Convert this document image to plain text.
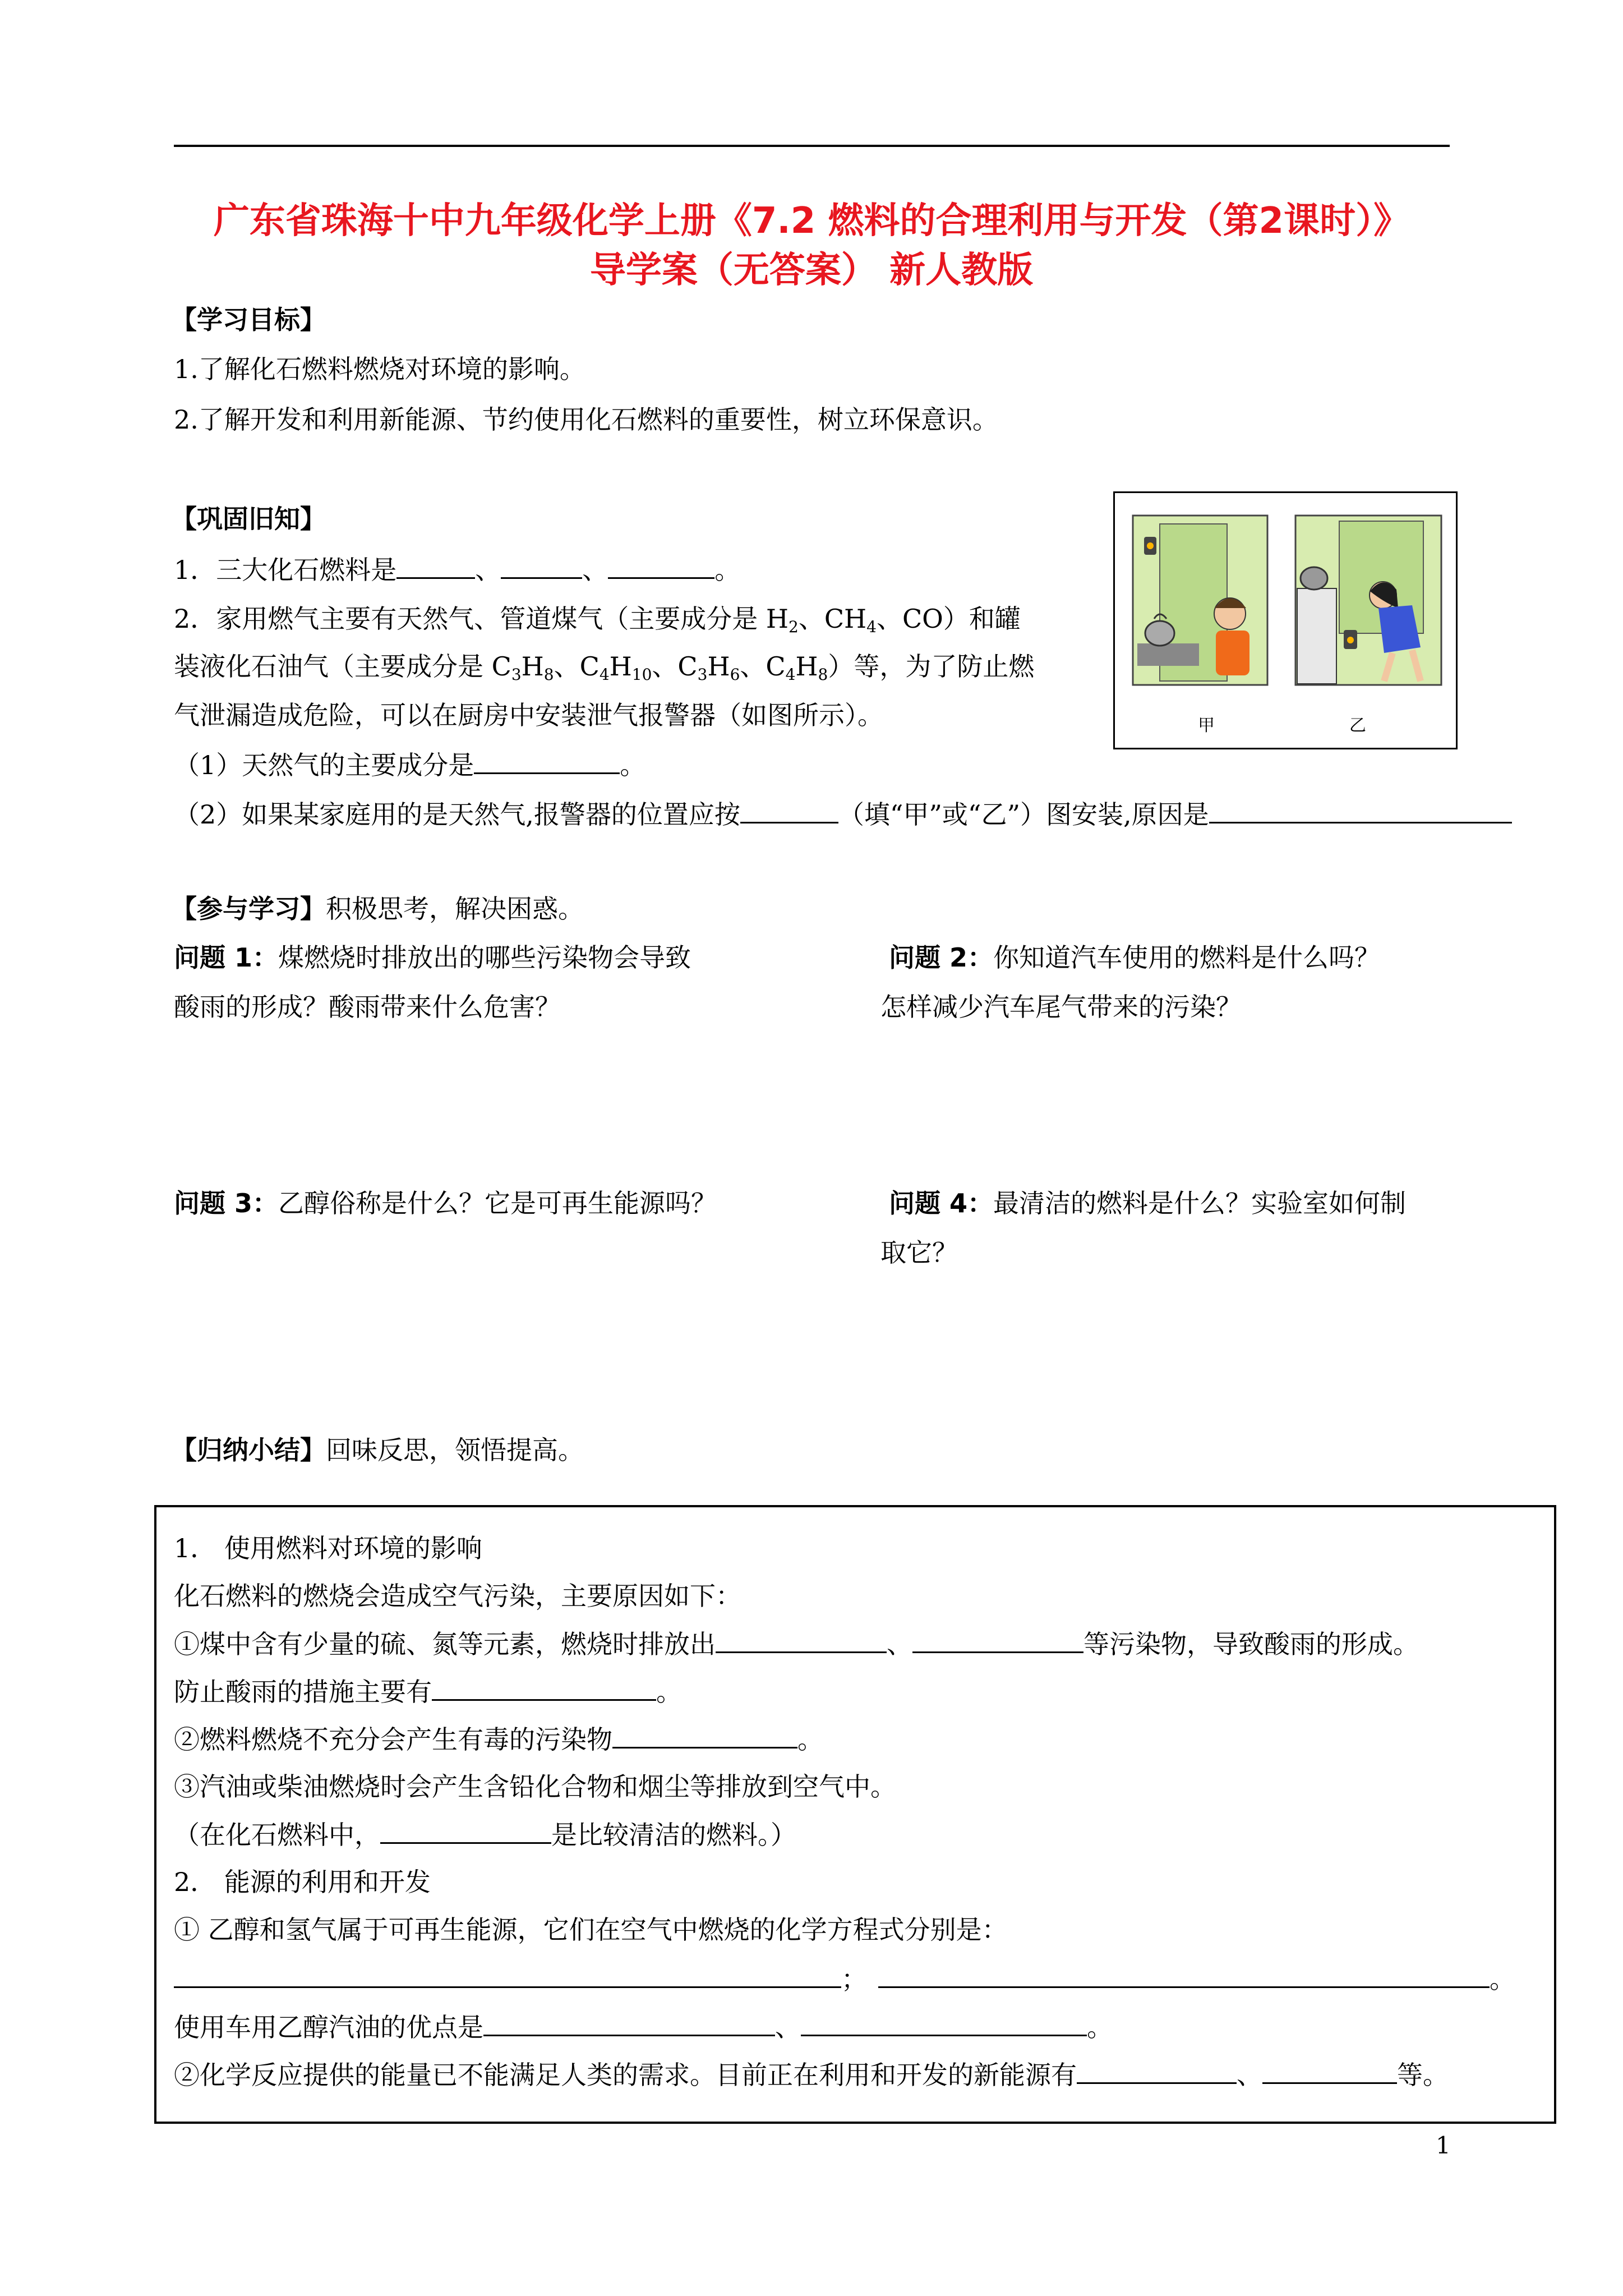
广东省珠海十中九年级化学上册《7.2 燃料的合理利用与开发（第2课时）》
导学案（无答案） 新人教版
【学习目标】
1.了解化石燃料燃烧对环境的影响。
2.了解开发和利用新能源、节约使用化石燃料的重要性，树立环保意识。
【巩固旧知】
1．三大化石燃料是	、	、	。
2．家用燃气主要有天然气、管道煤气（主要成分是 $H_2$、$CH_4$、CO）和罐
装液化石油气（主要成分是 $C_3H_8$、$C_4H_{10}$、$C_3H_6$、$C_4H_8$）等，为了防止燃
气泄漏造成危险，可以在厨房中安装泄气报警器（如图所示）。
（1）天然气的主要成分是	。
（2）如果某家庭用的是天然气,报警器的位置应按	（填“甲”或“乙”）图安装,原因是
甲	乙
【参与学习】积极思考，解决困惑。
问题 1：煤燃烧时排放出的哪些污染物会导致
酸雨的形成？酸雨带来什么危害？
问题 2：你知道汽车使用的燃料是什么吗？
怎样减少汽车尾气带来的污染？
问题 3：乙醇俗称是什么？它是可再生能源吗？	问题 4：最清洁的燃料是什么？实验室如何制
取它？
【归纳小结】回味反思，领悟提高。
1． 使用燃料对环境的影响
化石燃料的燃烧会造成空气污染，主要原因如下：
①煤中含有少量的硫、氮等元素，燃烧时排放出	、	等污染物，导致酸雨的形成。
防止酸雨的措施主要有	。
②燃料燃烧不充分会产生有毒的污染物	。
③汽油或柴油燃烧时会产生含铅化合物和烟尘等排放到空气中。
（在化石燃料中，	是比较清洁的燃料。）
2． 能源的利用和开发
① 乙醇和氢气属于可再生能源，它们在空气中燃烧的化学方程式分别是：
；	。
使用车用乙醇汽油的优点是	、	。
②化学反应提供的能量已不能满足人类的需求。目前正在利用和开发的新能源有	、	等。
1
